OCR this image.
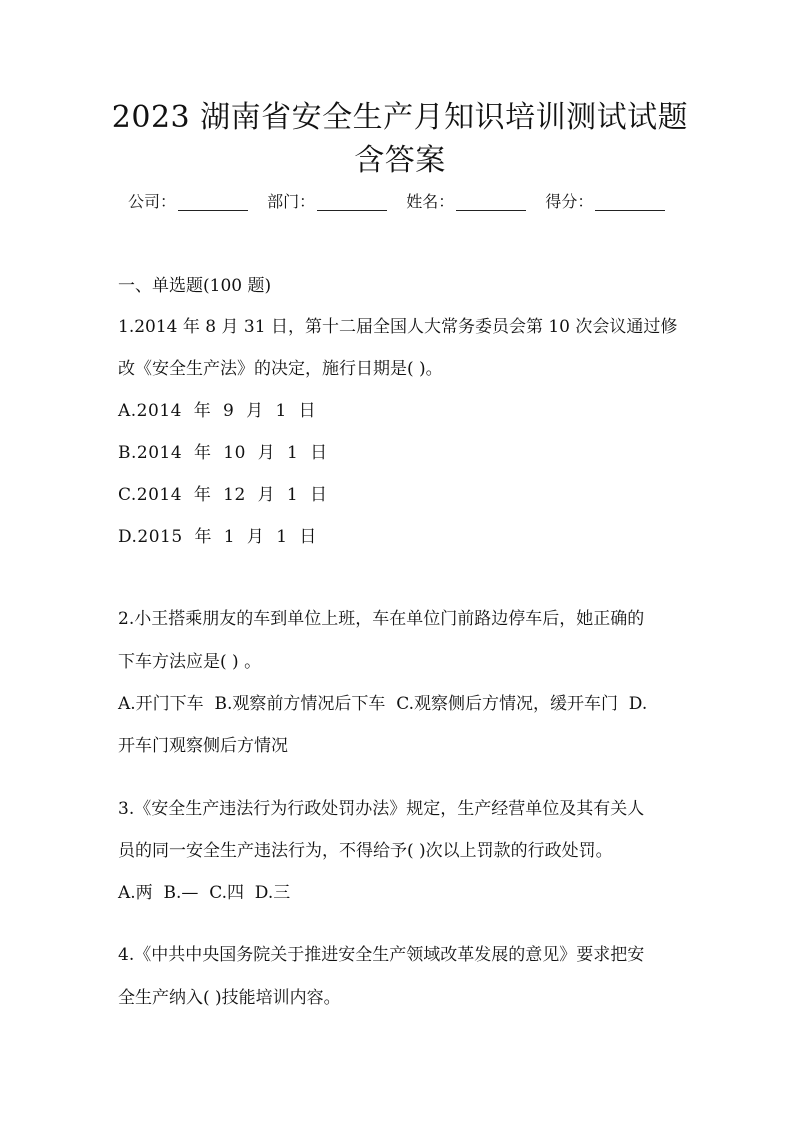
2023 湖南省安全生产月知识培训测试试题
含答案
公司：	部门：	姓名：	得分：
一、单选题(100 题)
1.2014 年 8 月 31 日，第十二届全国人大常务委员会第 10 次会议通过修
改《安全生产法》的决定，施行日期是( )。
A.2014  年  9  月  1  日
B.2014  年  10  月  1  日
C.2014  年  12  月  1  日
D.2015  年  1  月  1  日
2.小王搭乘朋友的车到单位上班，车在单位门前路边停车后，她正确的
下车方法应是( ) 。
A.开门下车  B.观察前方情况后下车  C.观察侧后方情况，缓开车门  D.
开车门观察侧后方情况
3.《安全生产违法行为行政处罚办法》规定，生产经营单位及其有关人
员的同一安全生产违法行为，不得给予( )次以上罚款的行政处罚。
A.两  B.—  C.四  D.三
4.《中共中央国务院关于推进安全生产领域改革发展的意见》要求把安
全生产纳入( )技能培训内容。
